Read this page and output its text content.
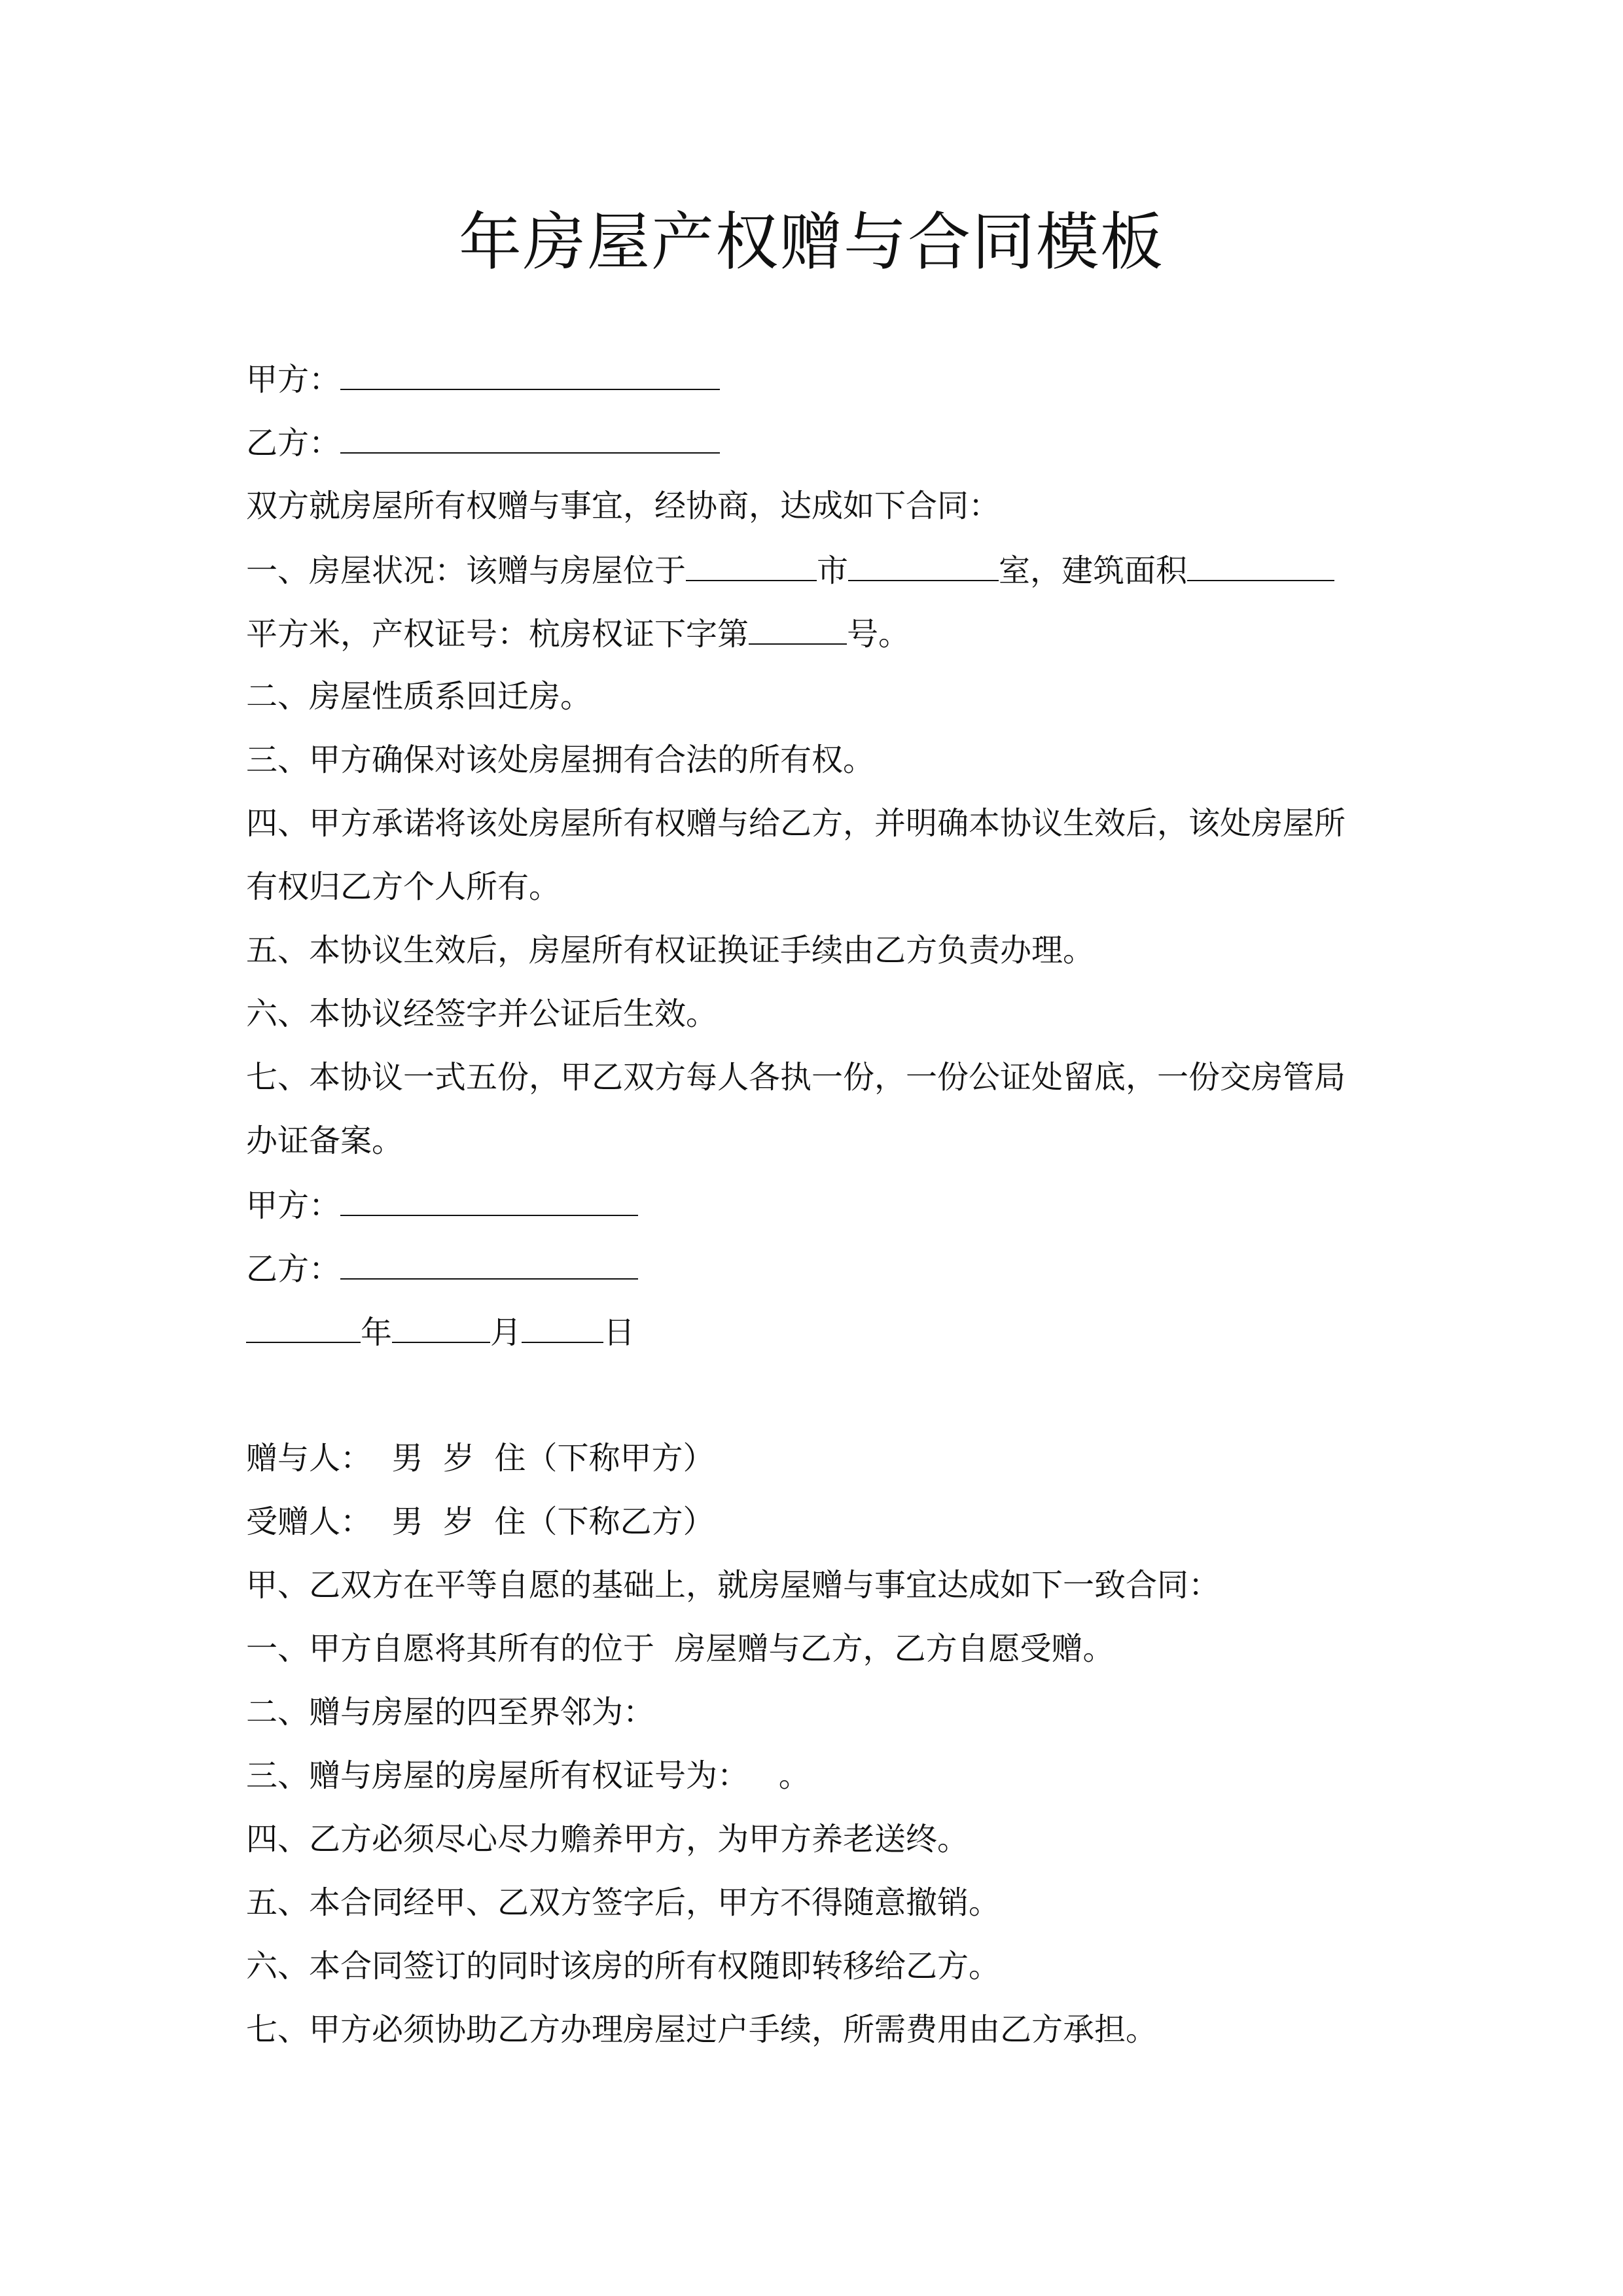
年房屋产权赠与合同模板
甲方：
乙方：
双方就房屋所有权赠与事宜，经协商，达成如下合同：
一、房屋状况：该赠与房屋位于	市	室，建筑面积
平方米，产权证号：杭房权证下字第	号。
二、房屋性质系回迁房。
三、甲方确保对该处房屋拥有合法的所有权。
四、甲方承诺将该处房屋所有权赠与给乙方，并明确本协议生效后，该处房屋所
有权归乙方个人所有。
五、本协议生效后，房屋所有权证换证手续由乙方负责办理。
六、本协议经签字并公证后生效。
七、本协议一式五份，甲乙双方每人各执一份，一份公证处留底，一份交房管局
办证备案。
甲方：
乙方：
年	月	日
赠与人：  男  岁  住（下称甲方）
受赠人：  男  岁  住（下称乙方）
甲、乙双方在平等自愿的基础上，就房屋赠与事宜达成如下一致合同：
一、甲方自愿将其所有的位于  房屋赠与乙方，乙方自愿受赠。
二、赠与房屋的四至界邻为：
三、赠与房屋的房屋所有权证号为：   。
四、乙方必须尽心尽力赡养甲方，为甲方养老送终。
五、本合同经甲、乙双方签字后，甲方不得随意撤销。
六、本合同签订的同时该房的所有权随即转移给乙方。
七、甲方必须协助乙方办理房屋过户手续，所需费用由乙方承担。
